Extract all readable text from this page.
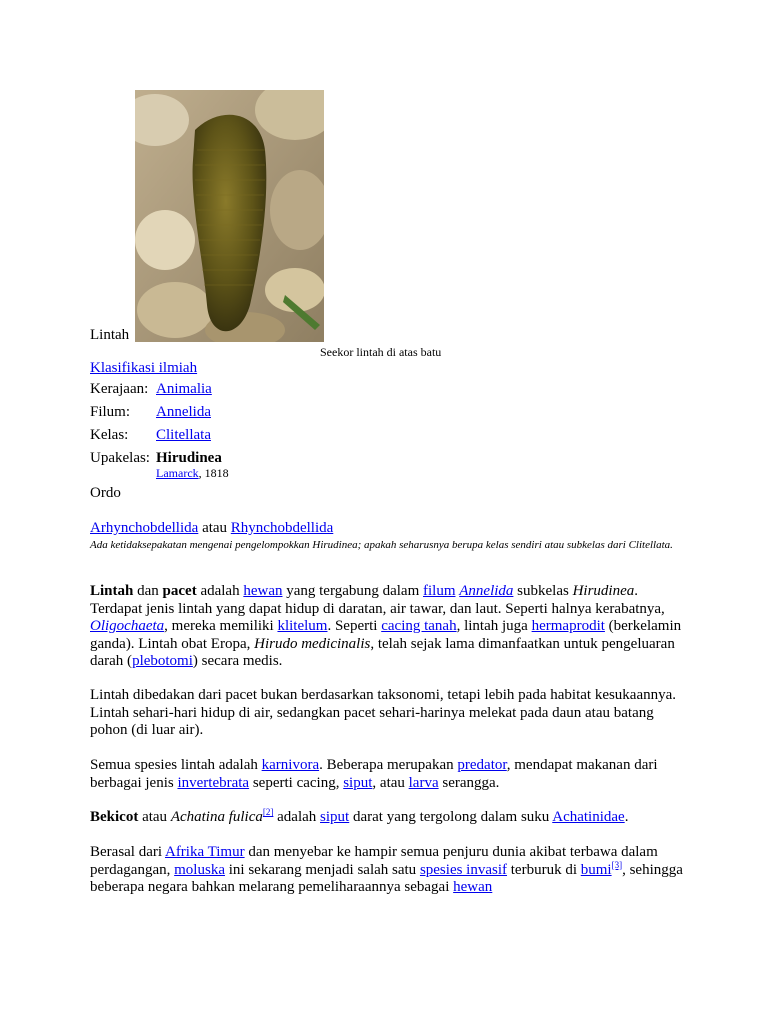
Lintah
Seekor lintah di atas batu
Klasifikasi ilmiah
Kerajaan: Animalia
Filum: Annelida
Kelas: Clitellata
Upakelas: Hirudinea
Lamarck, 1818
Ordo
Arhynchobdellida atau Rhynchobdellida
Ada ketidaksepakatan mengenai pengelompokkan Hirudinea; apakah seharusnya berupa kelas sendiri atau subkelas dari Clitellata.

Lintah dan pacet adalah hewan yang tergabung dalam filum Annelida subkelas Hirudinea. Terdapat jenis lintah yang dapat hidup di daratan, air tawar, dan laut. Seperti halnya kerabatnya, Oligochaeta, mereka memiliki klitelum. Seperti cacing tanah, lintah juga hermaprodit (berkelamin ganda). Lintah obat Eropa, Hirudo medicinalis, telah sejak lama dimanfaatkan untuk pengeluaran darah (plebotomi) secara medis.

Lintah dibedakan dari pacet bukan berdasarkan taksonomi, tetapi lebih pada habitat kesukaannya. Lintah sehari-hari hidup di air, sedangkan pacet sehari-harinya melekat pada daun atau batang pohon (di luar air).

Semua spesies lintah adalah karnivora. Beberapa merupakan predator, mendapat makanan dari berbagai jenis invertebrata seperti cacing, siput, atau larva serangga.

Bekicot atau Achatina fulica[2] adalah siput darat yang tergolong dalam suku Achatinidae.

Berasal dari Afrika Timur dan menyebar ke hampir semua penjuru dunia akibat terbawa dalam perdagangan, moluska ini sekarang menjadi salah satu spesies invasif terburuk di bumi[3], sehingga beberapa negara bahkan melarang pemeliharaannya sebagai hewan
